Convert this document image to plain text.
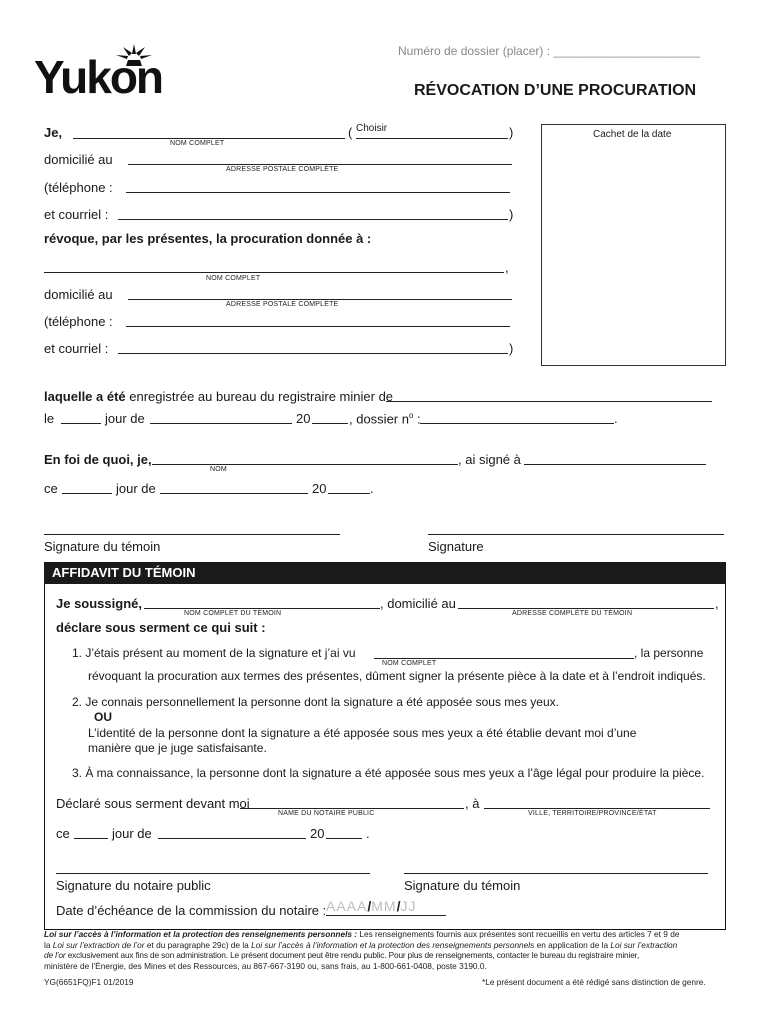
Yukon	Numéro de dossier (placer) : ______________________
RÉVOCATION D’UNE PROCURATION
Cachet de la date
Je,
NOM COMPLET
( Choisir	)
domicilié au
ADRESSE POSTALE COMPLÈTE
(téléphone :
et courriel :	)
révoque, par les présentes, la procuration donnée à :
,
NOM COMPLET
domicilié au
ADRESSE POSTALE COMPLÈTE
(téléphone :
et courriel :	)
laquelle a été enregistrée au bureau du registraire minier de
le	jour de	20	, dossier $n^o$ :	.
En foi de quoi, je,
NOM
, ai signé à
ce	jour de	20	.
Signature du témoin	Signature
AFFIDAVIT DU TÉMOIN
Je soussigné,
NOM COMPLET DU TÉMOIN
, domicilié au
ADRESSE COMPLÈTE DU TÉMOIN
,
déclare sous serment ce qui suit :
1. J’étais présent au moment de la signature et j’ai vu
NOM COMPLET
, la personne
révoquant la procuration aux termes des présentes, dûment signer la présente pièce à la date et à l’endroit indiqués.
2. Je connais personnellement la personne dont la signature a été apposée sous mes yeux.
OU
L’identité de la personne dont la signature a été apposée sous mes yeux a été établie devant moi d’une
manière que je juge satisfaisante.
3. À ma connaissance, la personne dont la signature a été apposée sous mes yeux a l’âge légal pour produire la pièce.
Déclaré sous serment devant moi
NAME DU NOTAIRE PUBLIC
, à
VILLE, TERRITOIRE/PROVINCE/ÉTAT
ce	jour de	20	.
Signature du notaire public	Signature du témoin
Date d’échéance de la commission du notaire : AAAA/MM/JJ
Loi sur l’accès à l’information et la protection des renseignements personnels : Les renseignements fournis aux présentes sont recueillis en vertu des articles 7 et 9 de
la Loi sur l’extraction de l’or et du paragraphe 29c) de la Loi sur l’accès à l’information et la protection des renseignements personnels en application de la Loi sur l’extraction
de l’or exclusivement aux fins de son administration. Le présent document peut être rendu public. Pour plus de renseignements, contacter le bureau du registraire minier,
ministère de l’Énergie, des Mines et des Ressources, au 867-667-3190 ou, sans frais, au 1-800-661-0408, poste 3190.0.
YG(6651FQ)F1 01/2019	*Le présent document a été rédigé sans distinction de genre.
